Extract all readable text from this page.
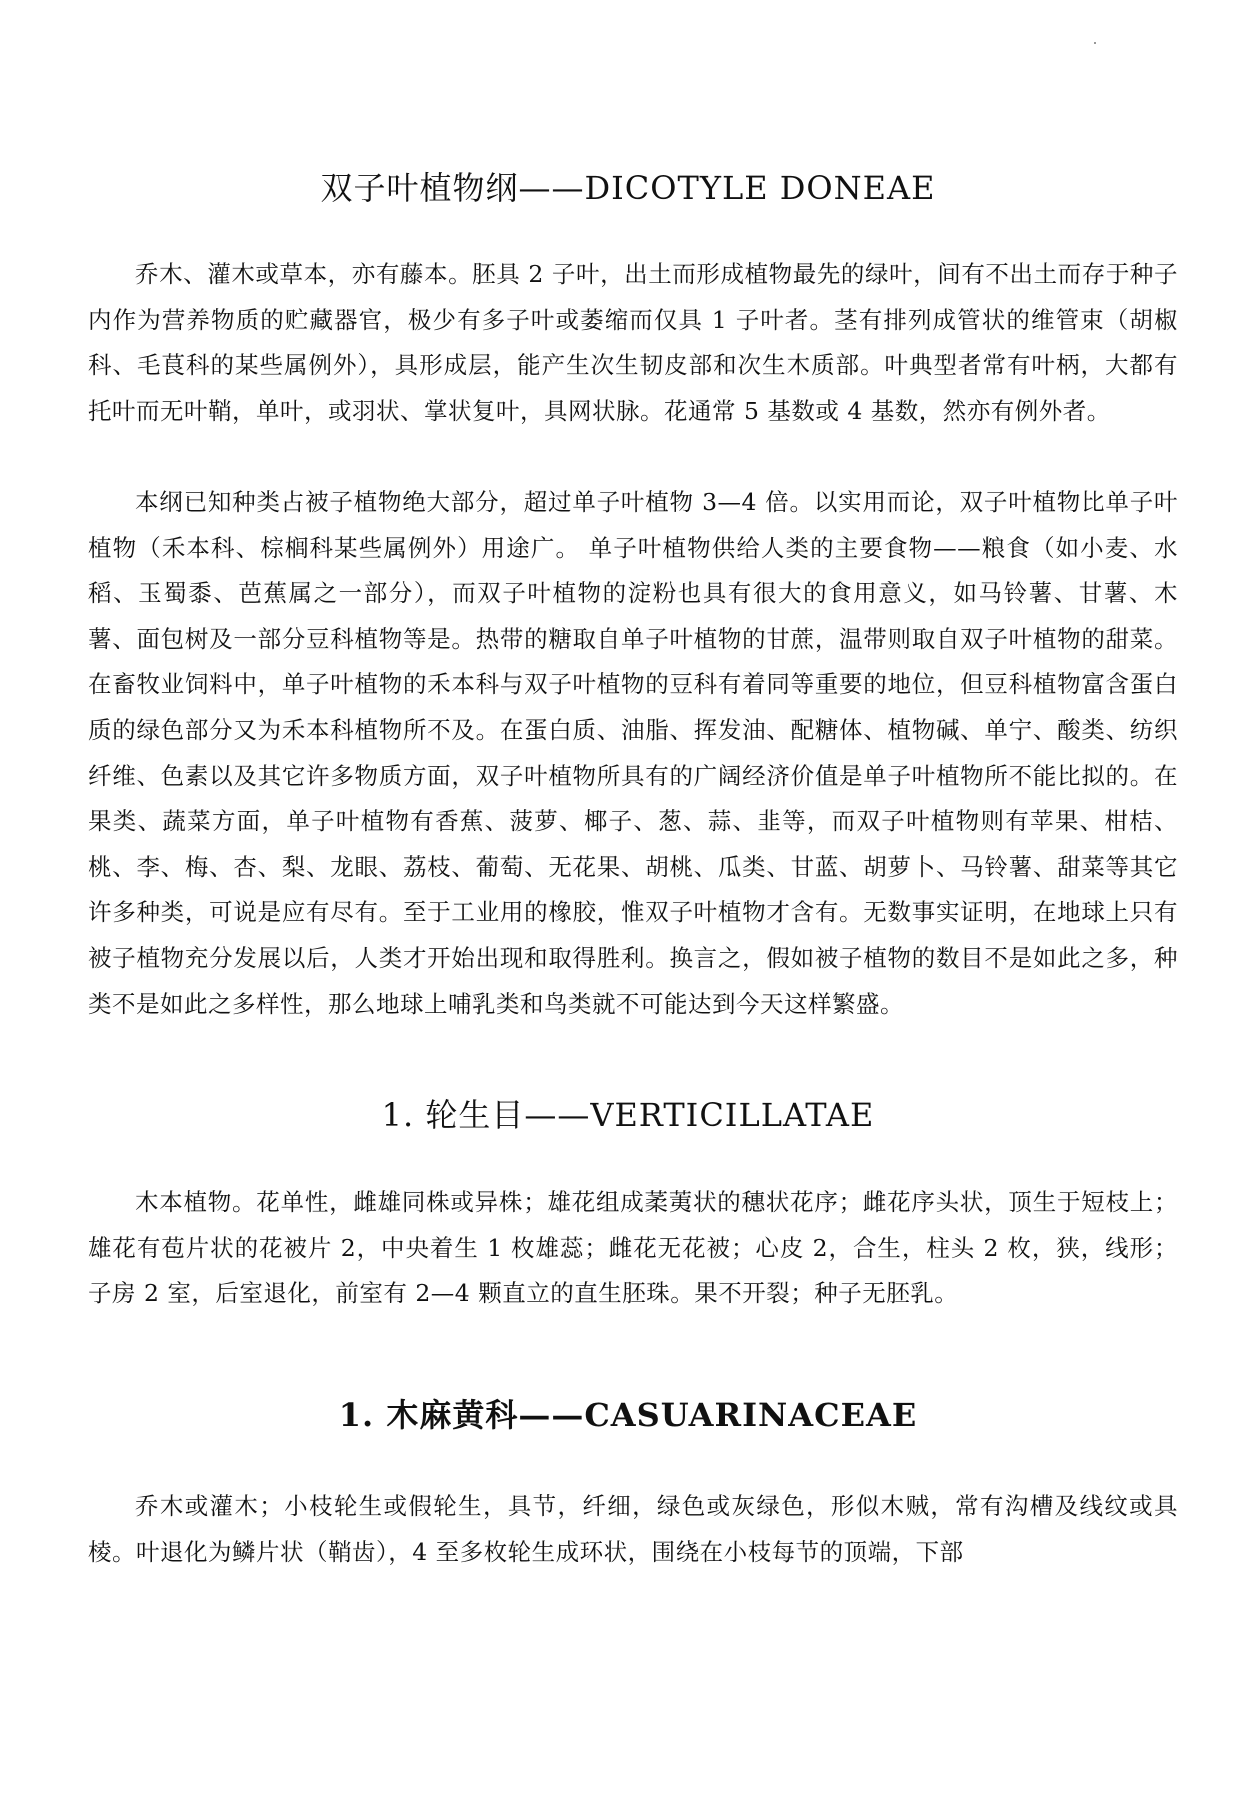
双子叶植物纲——DICOTYLE DONEAE
乔木、灌木或草本，亦有藤本。胚具 2 子叶，出土而形成植物最先的绿叶，间有不出土而存于种子内作为营养物质的贮藏器官，极少有多子叶或萎缩而仅具 1 子叶者。茎有排列成管状的维管束（胡椒科、毛茛科的某些属例外），具形成层，能产生次生韧皮部和次生木质部。叶典型者常有叶柄，大都有托叶而无叶鞘，单叶，或羽状、掌状复叶，具网状脉。花通常 5 基数或 4 基数，然亦有例外者。
本纲已知种类占被子植物绝大部分，超过单子叶植物 3—4 倍。以实用而论，双子叶植物比单子叶植物（禾本科、棕榈科某些属例外）用途广。 单子叶植物供给人类的主要食物——粮食（如小麦、水稻、玉蜀黍、芭蕉属之一部分），而双子叶植物的淀粉也具有很大的食用意义，如马铃薯、甘薯、木薯、面包树及一部分豆科植物等是。热带的糖取自单子叶植物的甘蔗，温带则取自双子叶植物的甜菜。在畜牧业饲料中，单子叶植物的禾本科与双子叶植物的豆科有着同等重要的地位，但豆科植物富含蛋白质的绿色部分又为禾本科植物所不及。在蛋白质、油脂、挥发油、配糖体、植物碱、单宁、酸类、纺织纤维、色素以及其它许多物质方面，双子叶植物所具有的广阔经济价值是单子叶植物所不能比拟的。在果类、蔬菜方面，单子叶植物有香蕉、菠萝、椰子、葱、蒜、韭等，而双子叶植物则有苹果、柑桔、桃、李、梅、杏、梨、龙眼、荔枝、葡萄、无花果、胡桃、瓜类、甘蓝、胡萝卜、马铃薯、甜菜等其它许多种类，可说是应有尽有。至于工业用的橡胶，惟双子叶植物才含有。无数事实证明，在地球上只有被子植物充分发展以后，人类才开始出现和取得胜利。换言之，假如被子植物的数目不是如此之多，种类不是如此之多样性，那么地球上哺乳类和鸟类就不可能达到今天这样繁盛。
1. 轮生目——VERTICILLATAE
木本植物。花单性，雌雄同株或异株；雄花组成葇荑状的穗状花序；雌花序头状，顶生于短枝上；雄花有苞片状的花被片 2，中央着生 1 枚雄蕊；雌花无花被；心皮 2，合生，柱头 2 枚，狭，线形；子房 2 室，后室退化，前室有 2—4 颗直立的直生胚珠。果不开裂；种子无胚乳。
1. 木麻黄科——CASUARINACEAE
乔木或灌木；小枝轮生或假轮生，具节，纤细，绿色或灰绿色，形似木贼，常有沟槽及线纹或具棱。叶退化为鳞片状（鞘齿），4 至多枚轮生成环状，围绕在小枝每节的顶端，下部
